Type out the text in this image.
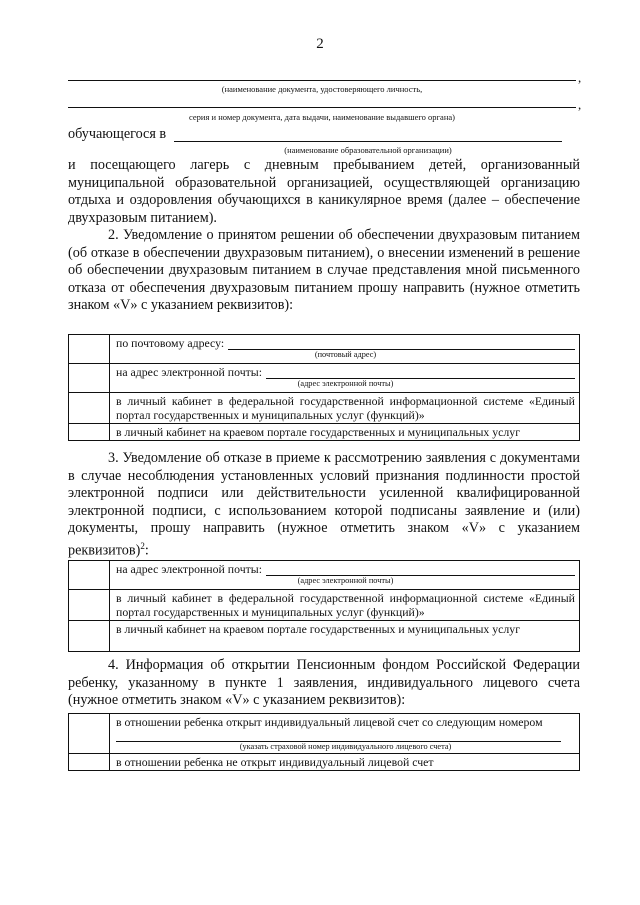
2
,
(наименование документа, удостоверяющего личность,
,
серия и номер документа, дата выдачи, наименование выдавшего органа)
обучающегося в
(наименование образовательной организации)
и посещающего лагерь с дневным пребыванием детей, организованный муниципальной образовательной организацией, осуществляющей организацию отдыха и оздоровления обучающихся в каникулярное время (далее – обеспечение двухразовым питанием).
2. Уведомление о принятом решении об обеспечении двухразовым питанием (об отказе в обеспечении двухразовым питанием), о внесении изменений в решение об обеспечении двухразовым питанием в случае представления мной письменного отказа от обеспечения двухразовым питанием прошу направить (нужное отметить знаком «V» с указанием реквизитов):

	по почтовому адресу:
(почтовый адрес)

	на адрес электронной почты:
(адрес электронной почты)

	в личный кабинет в федеральной государственной информационной системе «Единый портал государственных и муниципальных услуг (функций)»
	в личный кабинет на краевом портале государственных и муниципальных услуг
3. Уведомление об отказе в приеме к рассмотрению заявления с документами в случае несоблюдения установленных условий признания подлинности простой электронной подписи или действительности усиленной квалифицированной электронной подписи, с использованием которой подписаны заявление и (или) документы, прошу направить (нужное отметить знаком «V» с указанием реквизитов)$^2$:

	на адрес электронной почты:
(адрес электронной почты)

	в личный кабинет в федеральной государственной информационной системе «Единый портал государственных и муниципальных услуг (функций)»
	в личный кабинет на краевом портале государственных и муниципальных услуг
4. Информация об открытии Пенсионным фондом Российской Федерации ребенку, указанному в пункте 1 заявления, индивидуального лицевого счета (нужное отметить знаком «V» с указанием реквизитов):

	в отношении ребенка открыт индивидуальный лицевой счет со следующим номером
(указать страховой номер индивидуального лицевого счета)

	в отношении ребенка не открыт индивидуальный лицевой счет
